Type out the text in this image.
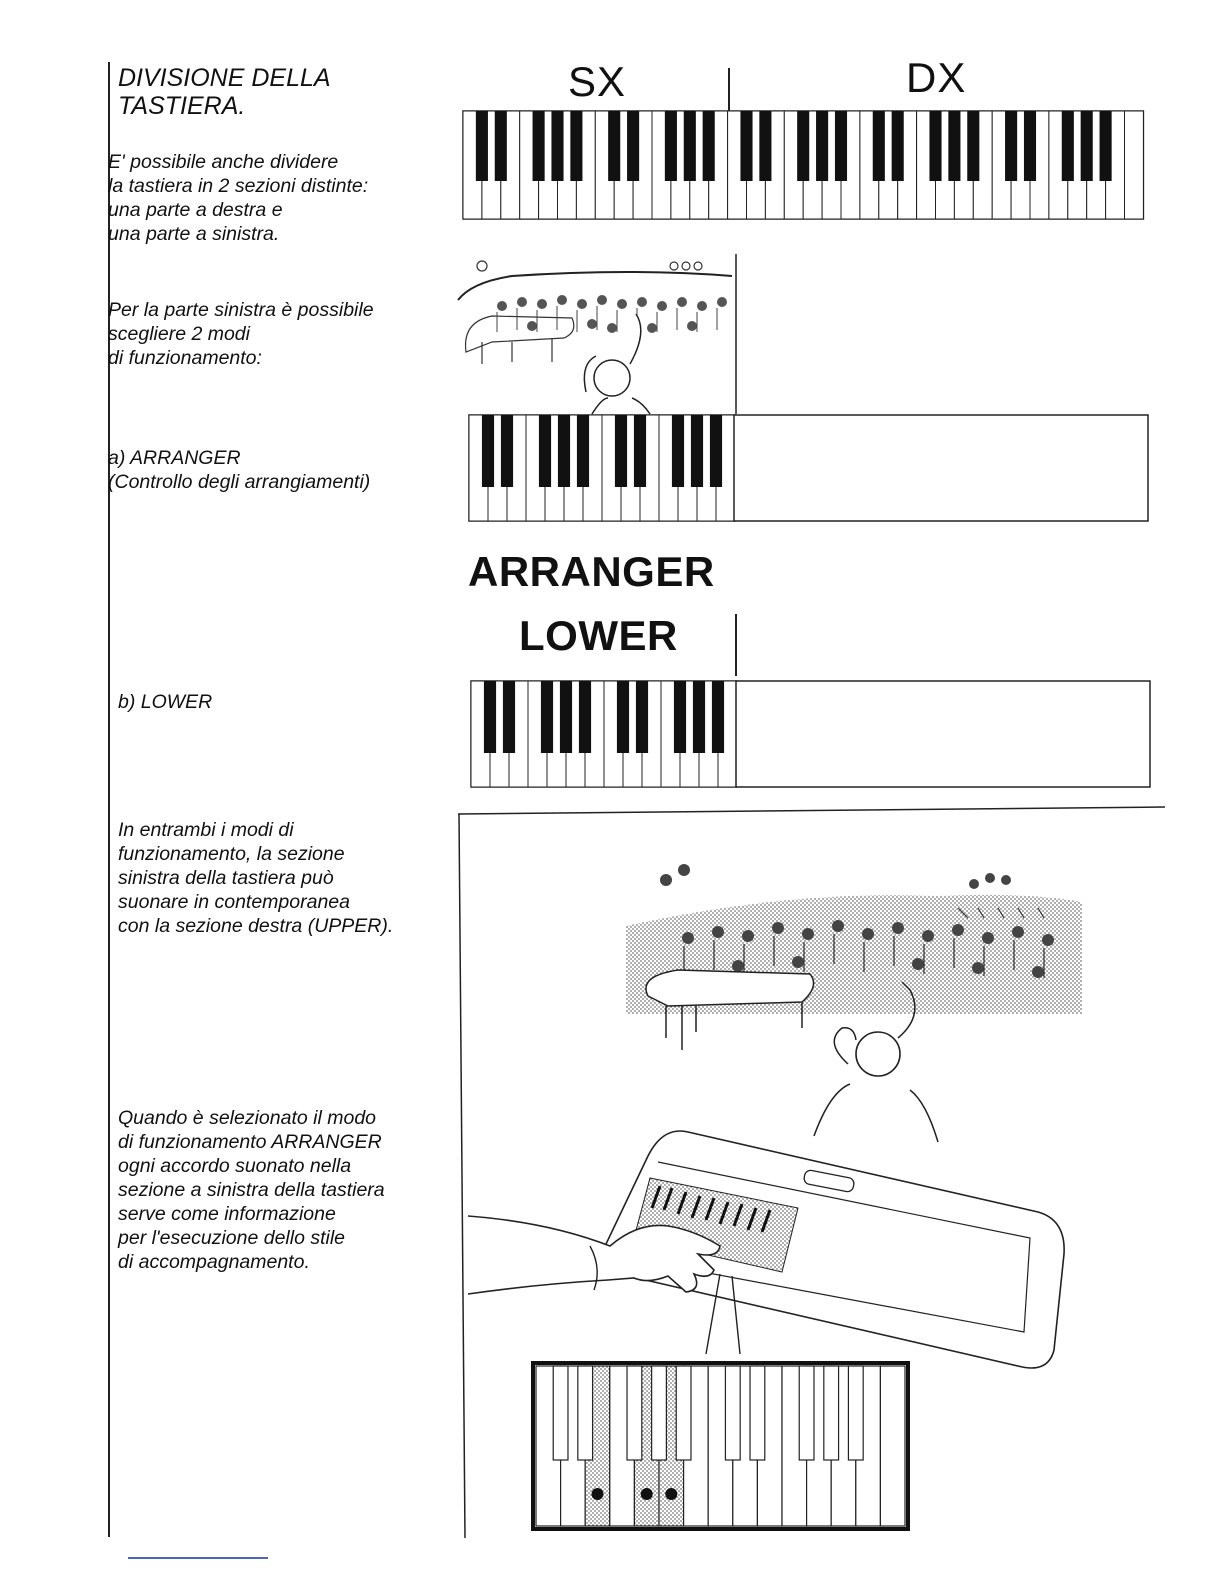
DIVISIONE DELLA
TASTIERA.
E' possibile anche dividere
la tastiera in 2 sezioni distinte:
una parte a destra e
una parte a sinistra.
Per la parte sinistra è possibile
scegliere 2 modi
di funzionamento:
a) ARRANGER
(Controllo degli arrangiamenti)
b) LOWER
In entrambi i modi di
funzionamento, la sezione
sinistra della tastiera può
suonare in contemporanea
con la sezione destra (UPPER).
Quando è selezionato il modo
di funzionamento ARRANGER
ogni accordo suonato nella
sezione a sinistra della tastiera
serve come informazione
per l'esecuzione dello stile
di accompagnamento.
SX	DX
ARRANGER
LOWER
